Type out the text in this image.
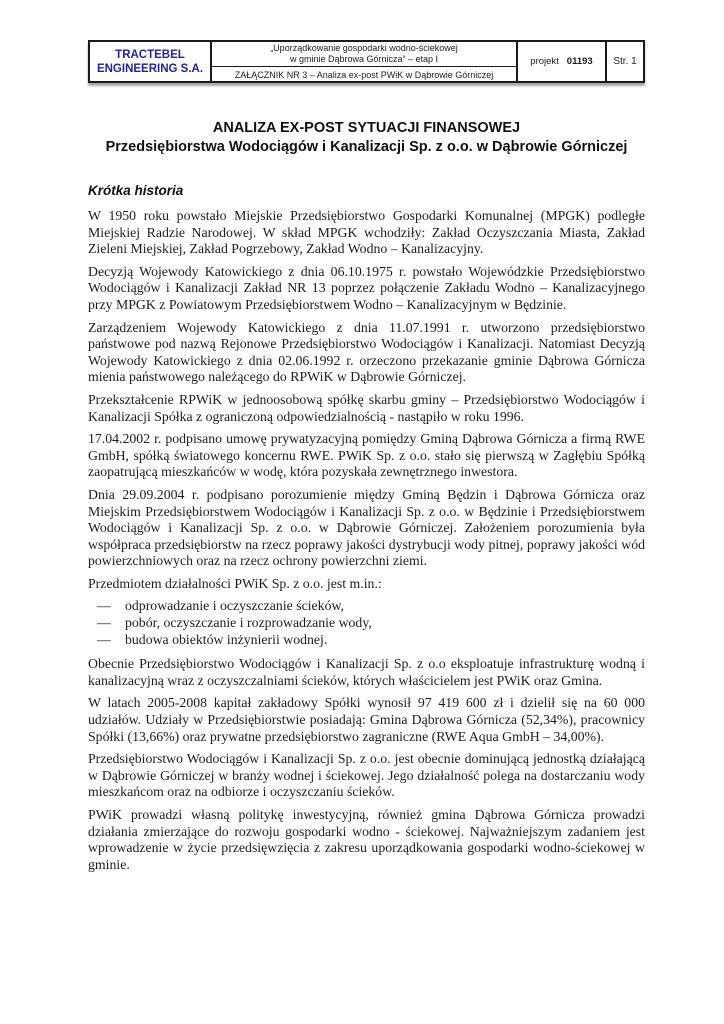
TRACTEBEL
ENGINEERING S.A.
„Uporządkowanie gospodarki wodno-ściekowej
w gminie Dąbrowa Górnicza” – etap I
ZAŁĄCZNIK NR 3 – Analiza ex-post PWiK w Dąbrowie Górniczej
projekt 01193	Str. 1
ANALIZA EX-POST SYTUACJI FINANSOWEJ
Przedsiębiorstwa Wodociągów i Kanalizacji Sp. z o.o. w Dąbrowie Górniczej
Krótka historia

W 1950 roku powstało Miejskie Przedsiębiorstwo Gospodarki Komunalnej (MPGK) podległe Miejskiej Radzie Narodowej. W skład MPGK wchodziły: Zakład Oczyszczania Miasta, Zakład Zieleni Miejskiej, Zakład Pogrzebowy, Zakład Wodno – Kanalizacyjny.

Decyzją Wojewody Katowickiego z dnia 06.10.1975 r. powstało Wojewódzkie Przedsiębiorstwo Wodociągów i Kanalizacji Zakład NR 13 poprzez połączenie Zakładu Wodno – Kanalizacyjnego przy MPGK z Powiatowym Przedsiębiorstwem Wodno – Kanalizacyjnym w Będzinie.

Zarządzeniem Wojewody Katowickiego z dnia 11.07.1991 r. utworzono przedsiębiorstwo państwowe pod nazwą Rejonowe Przedsiębiorstwo Wodociągów i Kanalizacji. Natomiast Decyzją Wojewody Katowickiego z dnia 02.06.1992 r. orzeczono przekazanie gminie Dąbrowa Górnicza mienia państwowego należącego do RPWiK w Dąbrowie Górniczej.

Przekształcenie RPWiK w jednoosobową spółkę skarbu gminy – Przedsiębiorstwo Wodociągów i Kanalizacji Spółka z ograniczoną odpowiedzialnością - nastąpiło w roku 1996.

17.04.2002 r. podpisano umowę prywatyzacyjną pomiędzy Gminą Dąbrowa Górnicza a firmą RWE GmbH, spółką światowego koncernu RWE. PWiK Sp. z o.o. stało się pierwszą w Zagłębiu Spółką zaopatrującą mieszkańców w wodę, która pozyskała zewnętrznego inwestora.

Dnia 29.09.2004 r. podpisano porozumienie między Gminą Będzin i Dąbrowa Górnicza oraz Miejskim Przedsiębiorstwem Wodociągów i Kanalizacji Sp. z o.o. w Będzinie i Przedsiębiorstwem Wodociągów i Kanalizacji Sp. z o.o. w Dąbrowie Górniczej. Założeniem porozumienia była współpraca przedsiębiorstw na rzecz poprawy jakości dystrybucji wody pitnej, poprawy jakości wód powierzchniowych oraz na rzecz ochrony powierzchni ziemi.

Przedmiotem działalności PWiK Sp. z o.o. jest m.in.:

—	odprowadzanie i oczyszczanie ścieków,
—	pobór, oczyszczanie i rozprowadzanie wody,
—	budowa obiektów inżynierii wodnej.

Obecnie Przedsiębiorstwo Wodociągów i Kanalizacji Sp. z o.o eksploatuje infrastrukturę wodną i kanalizacyjną wraz z oczyszczalniami ścieków, których właścicielem jest PWiK oraz Gmina.

W latach 2005-2008 kapitał zakładowy Spółki wynosił 97 419 600 zł i dzielił się na 60 000 udziałów. Udziały w Przedsiębiorstwie posiadają: Gmina Dąbrowa Górnicza (52,34%), pracownicy Spółki (13,66%) oraz prywatne przedsiębiorstwo zagraniczne (RWE Aqua GmbH – 34,00%).

Przedsiębiorstwo Wodociągów i Kanalizacji Sp. z o.o. jest obecnie dominującą jednostką działającą w Dąbrowie Górniczej w branży wodnej i ściekowej. Jego działalność polega na dostarczaniu wody mieszkańcom oraz na odbiorze i oczyszczaniu ścieków.

PWiK prowadzi własną politykę inwestycyjną, również gmina Dąbrowa Górnicza prowadzi działania zmierzające do rozwoju gospodarki wodno - ściekowej. Najważniejszym zadaniem jest wprowadzenie w życie przedsięwzięcia z zakresu uporządkowania gospodarki wodno-ściekowej w gminie.
